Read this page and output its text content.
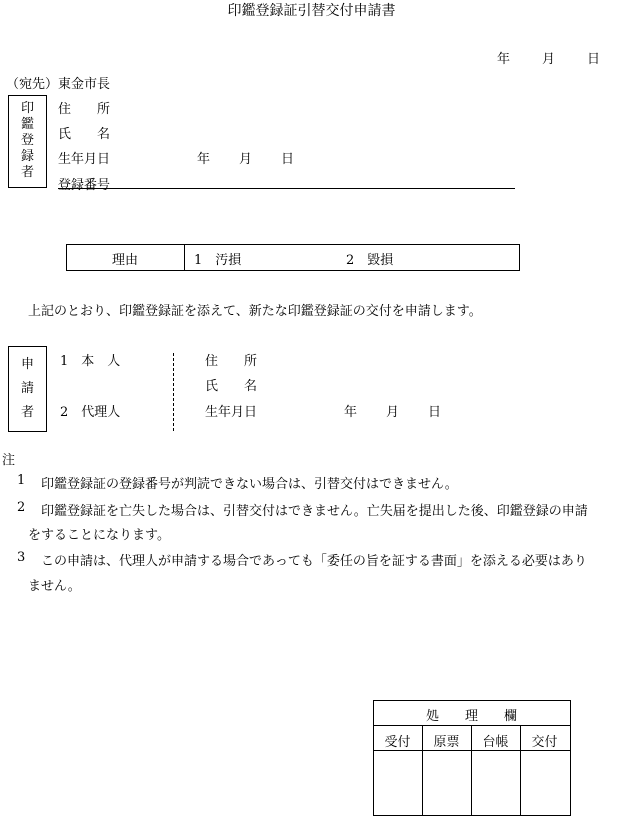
印鑑登録証引替交付申請書
年 月 日
（宛先）東金市長
印
鑑
登
録
者
住　　所
氏　　名
生年月日	年 月 日
登録番号
理由	1　汚損	2　毀損
上記のとおり、印鑑登録証を添えて、新たな印鑑登録証の交付を申請します。
申
請
者
1　本　人
2　代理人
住　　所
氏　　名
生年月日	年 月 日
注
1 印鑑登録証の登録番号が判読できない場合は、引替交付はできません。
2 印鑑登録証を亡失した場合は、引替交付はできません。亡失届を提出した後、印鑑登録の申請
をすることになります。
3 この申請は、代理人が申請する場合であっても「委任の旨を証する書面」を添える必要はあり
ません。
処　　理　　欄
受付	原票	台帳	交付
